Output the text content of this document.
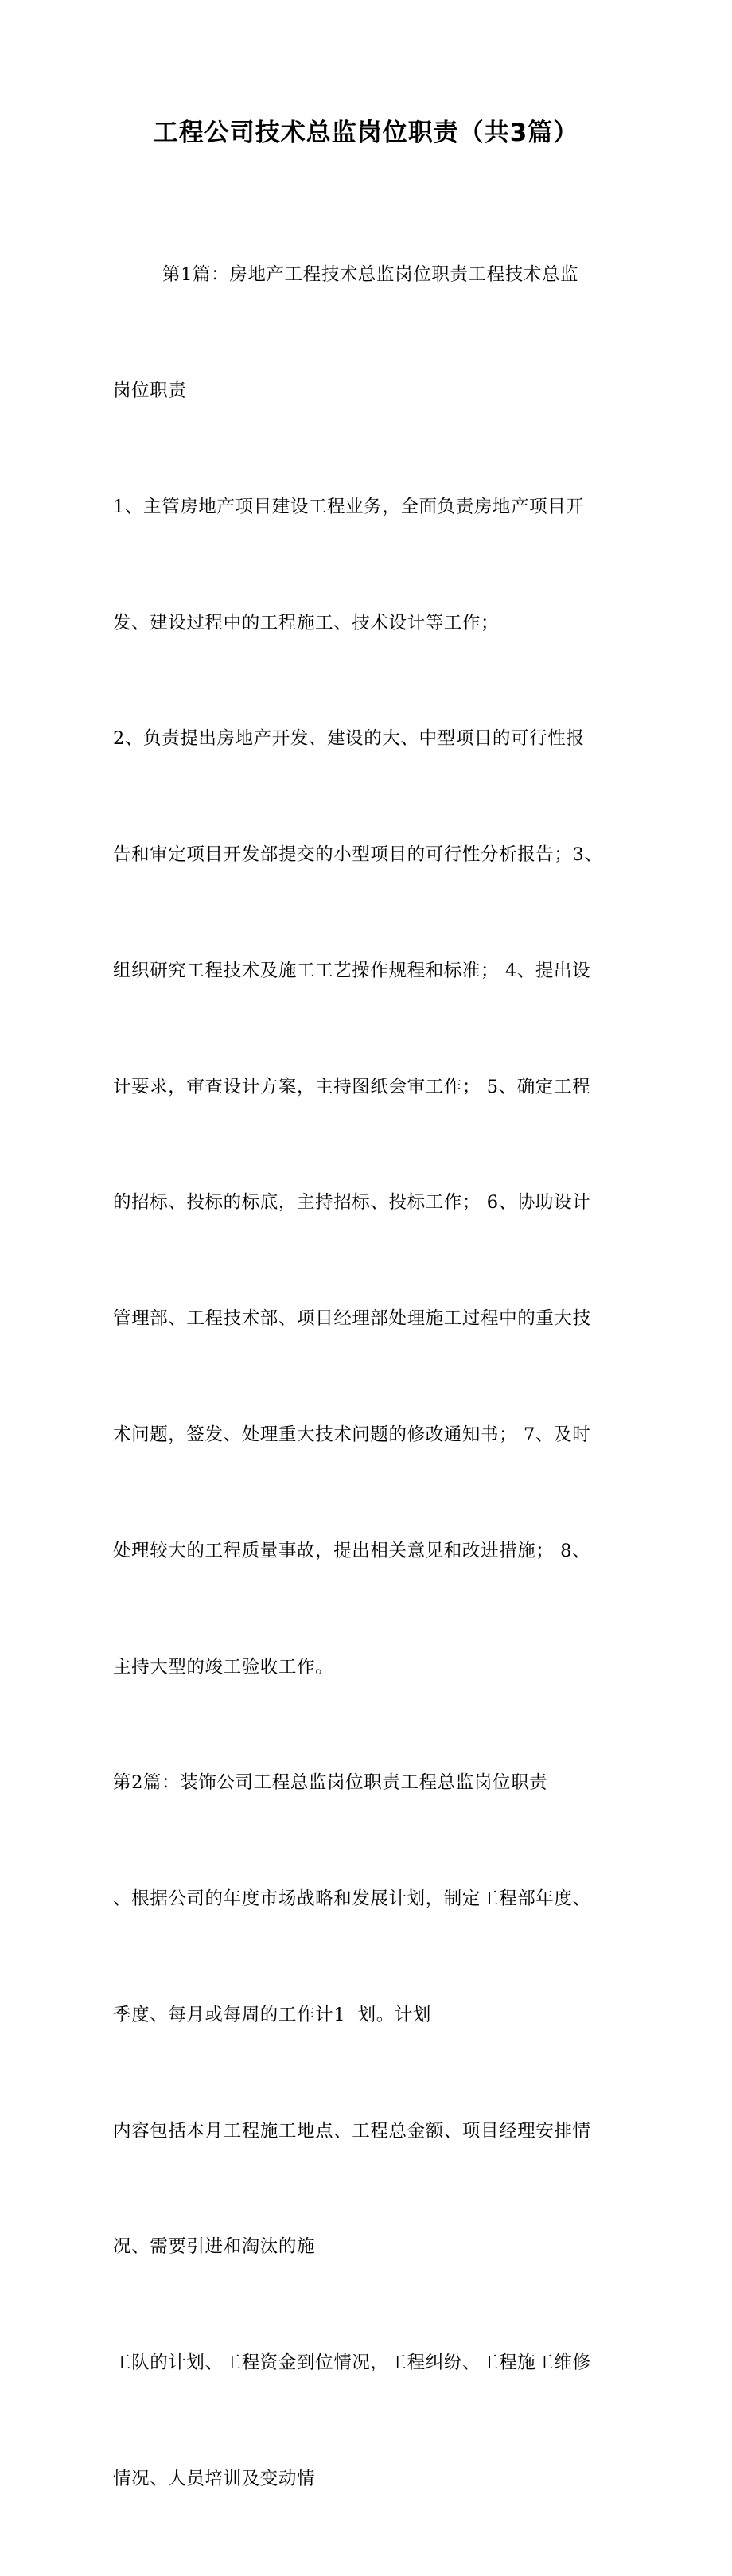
工程公司技术总监岗位职责（共3篇）

第1篇：房地产工程技术总监岗位职责工程技术总监

岗位职责

1、主管房地产项目建设工程业务，全面负责房地产项目开

发、建设过程中的工程施工、技术设计等工作；

2、负责提出房地产开发、建设的大、中型项目的可行性报

告和审定项目开发部提交的小型项目的可行性分析报告；3、

组织研究工程技术及施工工艺操作规程和标准； 4、提出设

计要求，审查设计方案，主持图纸会审工作； 5、确定工程

的招标、投标的标底，主持招标、投标工作； 6、协助设计

管理部、工程技术部、项目经理部处理施工过程中的重大技

术问题，签发、处理重大技术问题的修改通知书； 7、及时

处理较大的工程质量事故，提出相关意见和改进措施； 8、

主持大型的竣工验收工作。

第2篇：装饰公司工程总监岗位职责工程总监岗位职责

、根据公司的年度市场战略和发展计划，制定工程部年度、

季度、每月或每周的工作计1  划。计划

内容包括本月工程施工地点、工程总金额、项目经理安排情

况、需要引进和淘汰的施

工队的计划、工程资金到位情况，工程纠纷、工程施工维修

情况、人员培训及变动情
